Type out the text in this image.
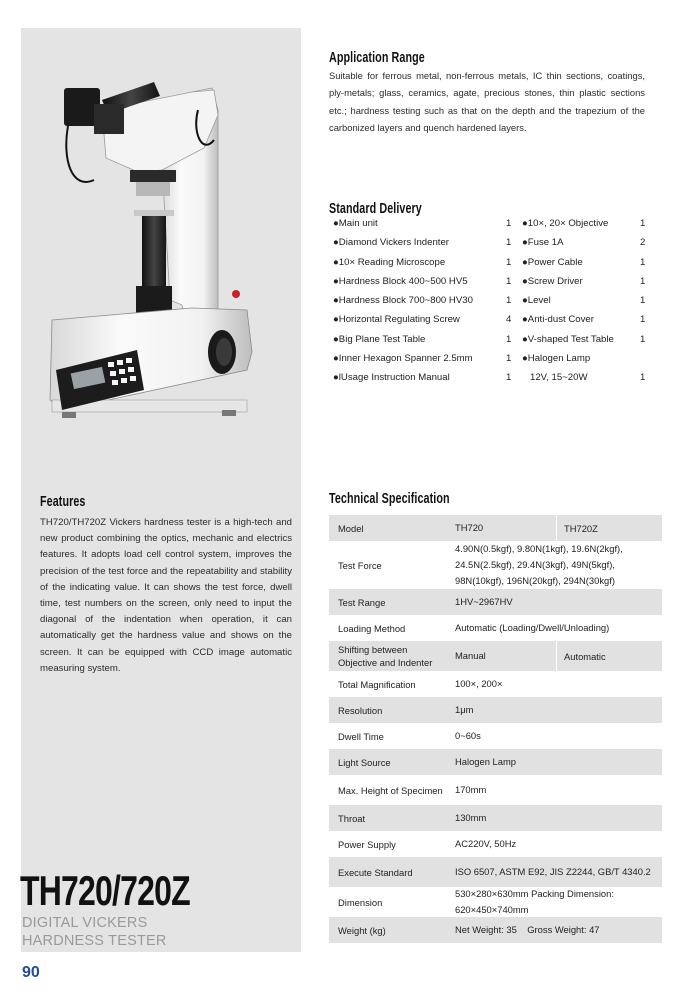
Features

TH720/TH720Z Vickers hardness tester is a high-tech and new product combining the optics, mechanic and electrics features. It adopts load cell control system, improves the precision of the test force and the repeatability and stability of the indicating value. It can shows the test force, dwell time, test numbers on the screen, only need to input the diagonal of the indentation when operation, it can automatically get the hardness value and shows on the screen. It can be equipped with CCD image automatic measuring system.

TH720/720Z
DIGITAL VICKERS
HARDNESS TESTER
90
Application Range

Suitable for ferrous metal, non-ferrous metals, IC thin sections, coatings, ply-metals; glass, ceramics, agate, precious stones, thin plastic sections etc.; hardness testing such as that on the depth and the trapezium of the carbonized layers and quench hardened layers.

Standard Delivery
●Main unit	1 ●10×, 20× Objective	1
●Diamond Vickers Indenter	1 ●Fuse 1A	2
●10× Reading Microscope	1 ●Power Cable	1
●Hardness Block 400~500 HV5	1 ●Screw Driver	1
●Hardness Block 700~800 HV30	1 ●Level	1
●Horizontal Regulating Screw	4 ●Anti-dust Cover	1
●Big Plane Test Table	1 ●V-shaped Test Table	1
●Inner Hexagon Spanner 2.5mm	1 ●Halogen Lamp
●lUsage Instruction Manual	1 12V, 15~20W	1
Technical Specification
Model	TH720	TH720Z
Test Force
4.90N(0.5kgf), 9.80N(1kgf), 19.6N(2kgf), 24.5N(2.5kgf), 29.4N(3kgf), 49N(5kgf), 98N(10kgf), 196N(20kgf), 294N(30kgf)
Test Range	1HV~2967HV
Loading Method	Automatic (Loading/Dwell/Unloading)
Shifting between Objective and Indenter
Manual	Automatic
Total Magnification	100×, 200×
Resolution	1μm
Dwell Time	0~60s
Light Source	Halogen Lamp
Max. Height of Specimen	170mm
Throat	130mm
Power Supply	AC220V, 50Hz
Execute Standard	ISO 6507, ASTM E92, JIS Z2244, GB/T 4340.2
Dimension
530×280×630mm Packing Dimension: 620×450×740mm
Weight (kg)	Net Weight: 35    Gross Weight: 47
